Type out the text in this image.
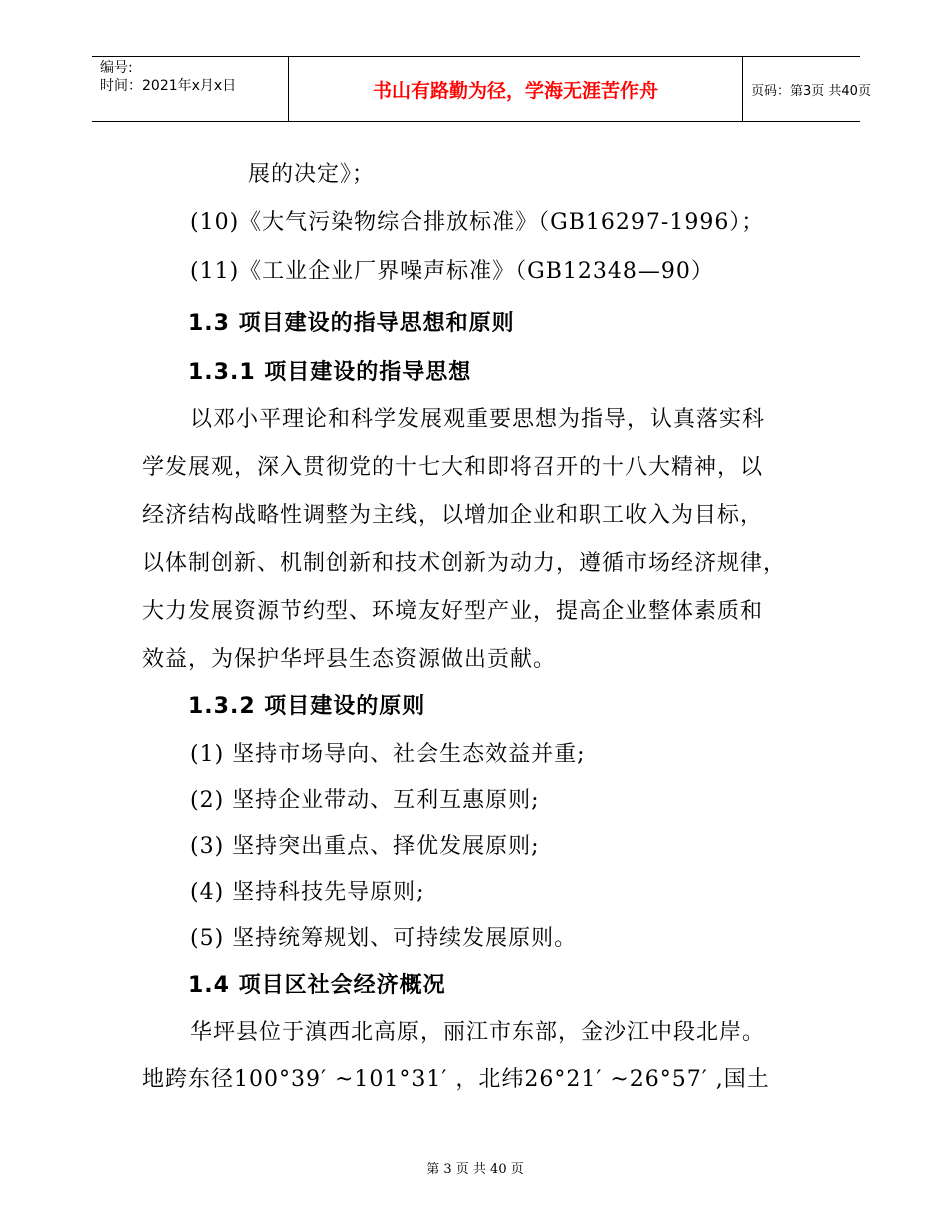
编号:
时间：2021年x月x日	书山有路勤为径，学海无涯苦作舟	页码：第3页 共40页
展的决定》；
(10)《大气污染物综合排放标准》（GB16297-1996）；
(11)《工业企业厂界噪声标准》（GB12348—90）
1.3 项目建设的指导思想和原则
1.3.1 项目建设的指导思想
以邓小平理论和科学发展观重要思想为指导，认真落实科
学发展观，深入贯彻党的十七大和即将召开的十八大精神，以
经济结构战略性调整为主线，以增加企业和职工收入为目标，
以体制创新、机制创新和技术创新为动力，遵循市场经济规律，
大力发展资源节约型、环境友好型产业，提高企业整体素质和
效益，为保护华坪县生态资源做出贡献。
1.3.2 项目建设的原则
(1) 坚持市场导向、社会生态效益并重;
(2) 坚持企业带动、互利互惠原则;
(3) 坚持突出重点、择优发展原则;
(4) 坚持科技先导原则;
(5) 坚持统筹规划、可持续发展原则。
1.4 项目区社会经济概况
华坪县位于滇西北高原，丽江市东部，金沙江中段北岸。
地跨东径100°39′ ~101°31′ ，北纬26°21′ ~26°57′ ,国土
第 3 页 共 40 页
